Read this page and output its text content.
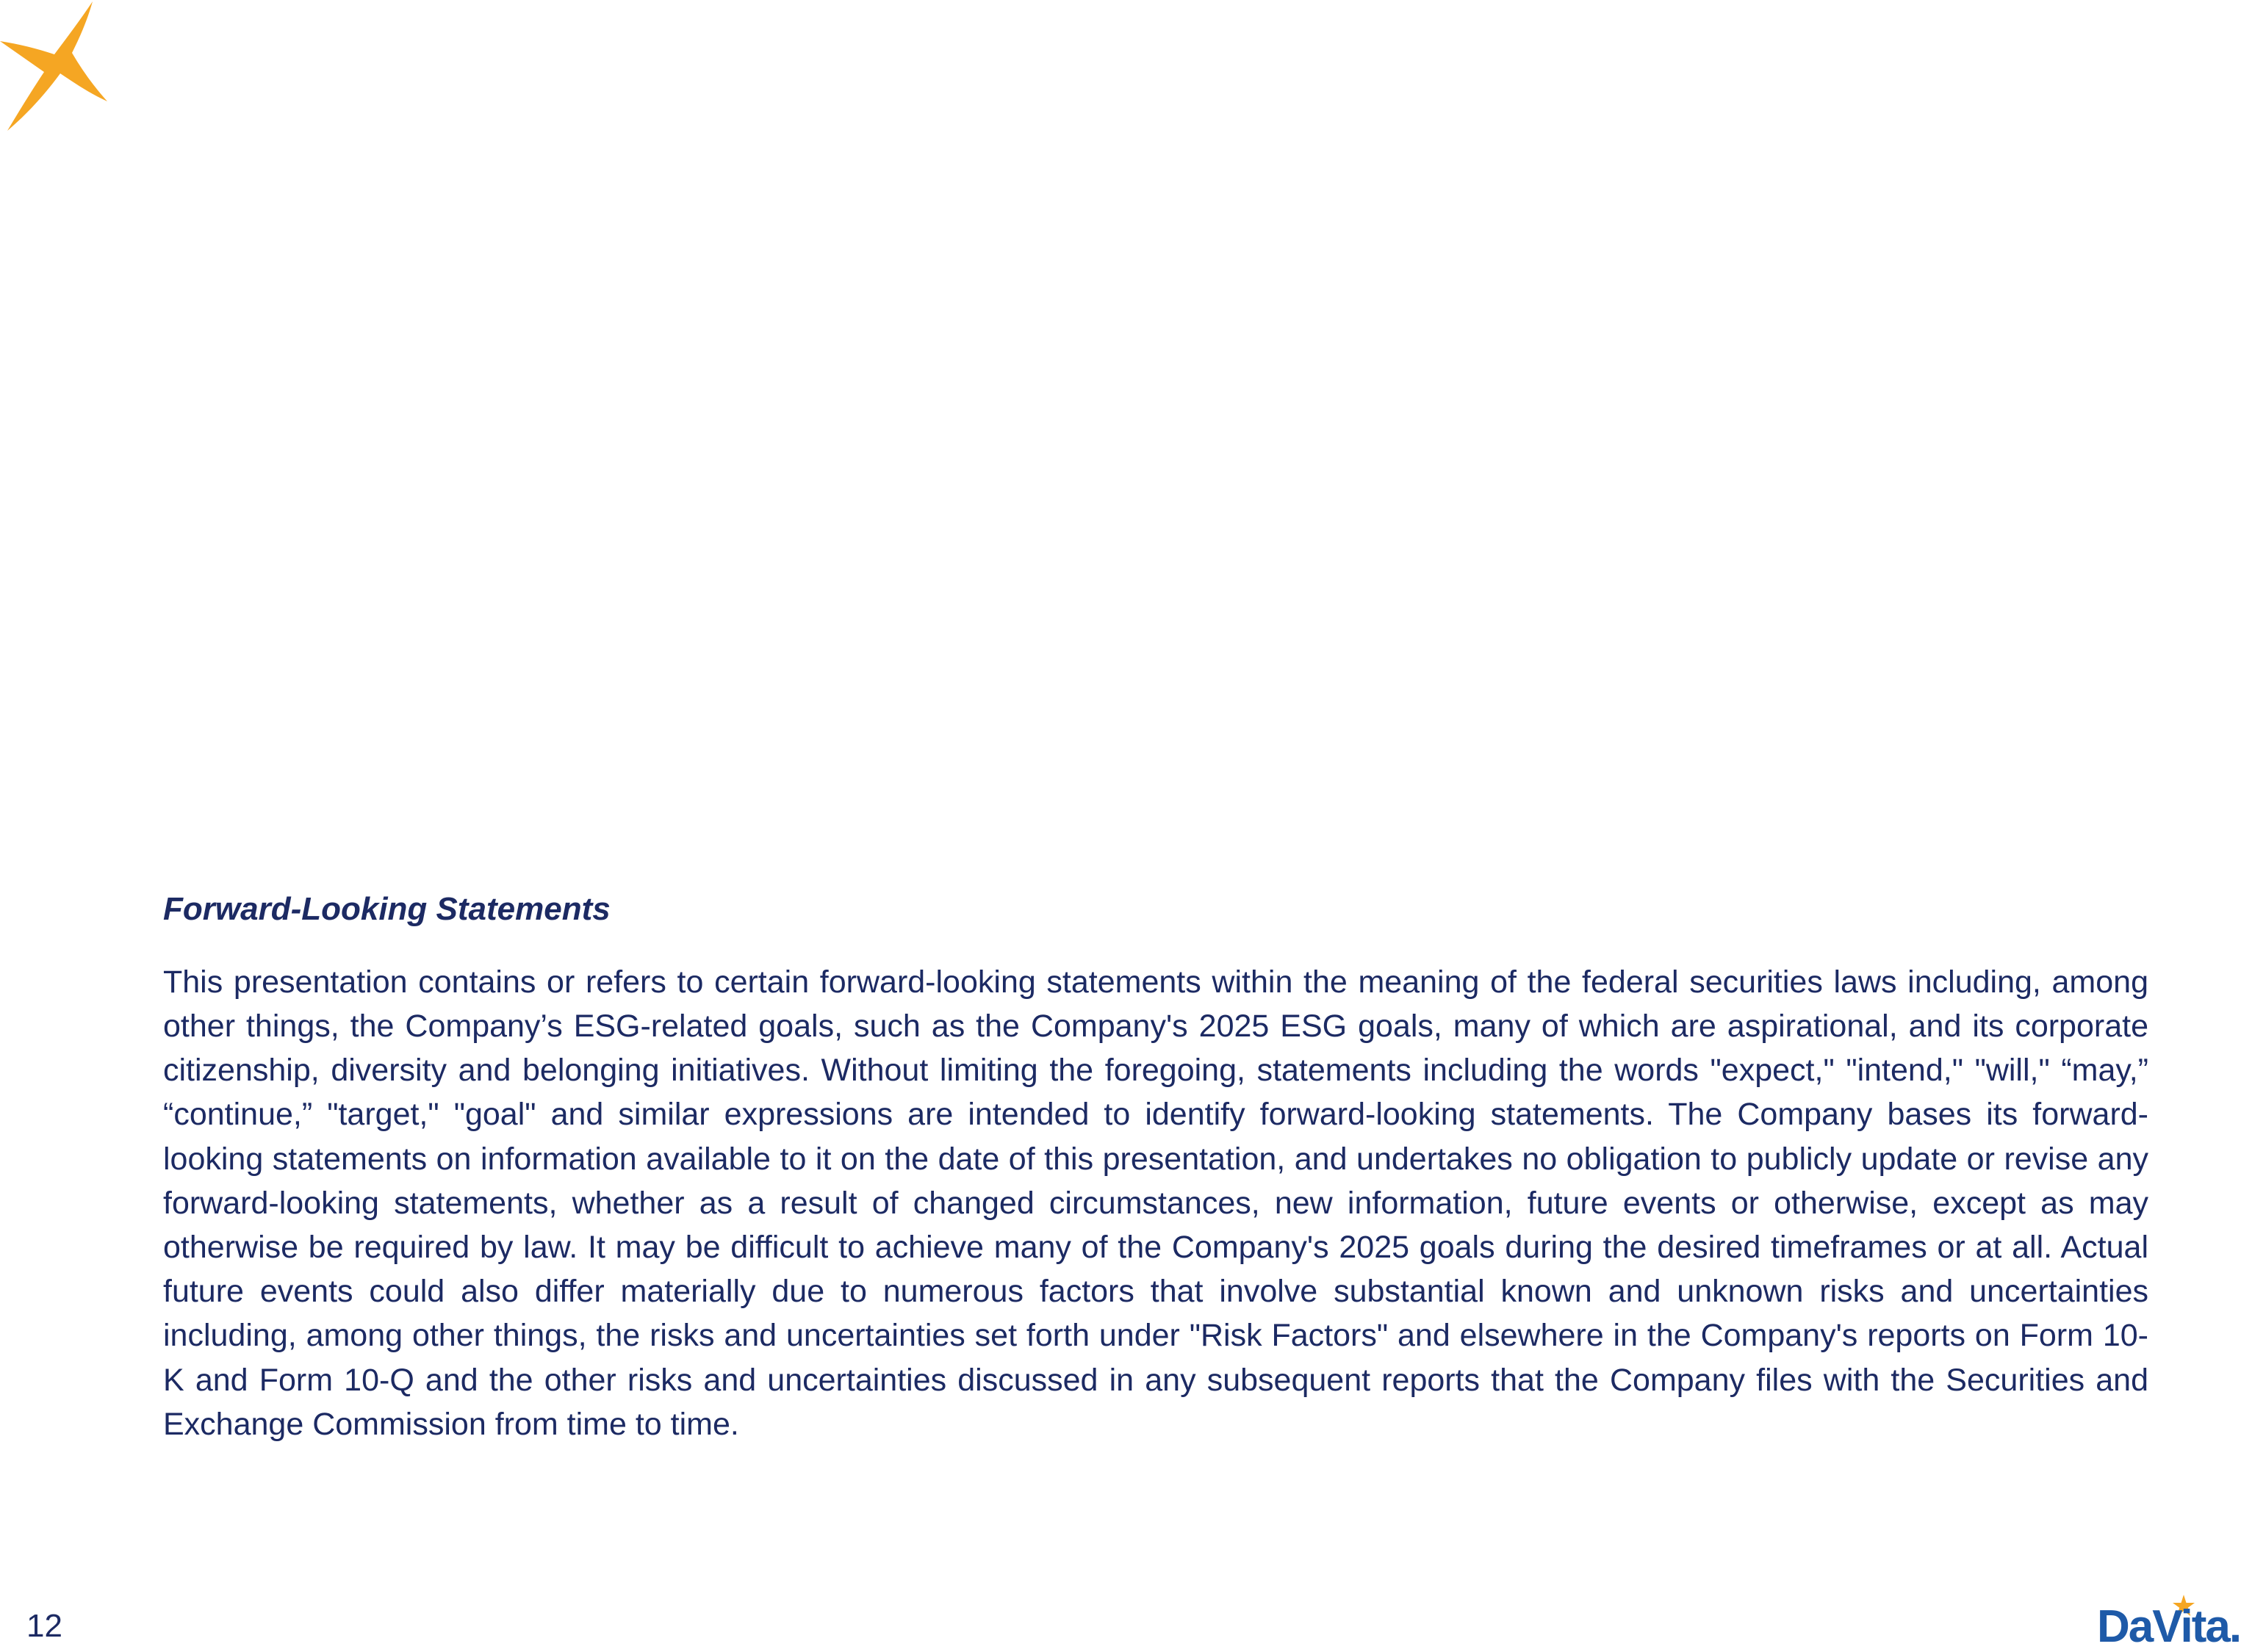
Forward-Looking Statements

This presentation contains or refers to certain forward-looking statements within the meaning of the federal securities laws including, among other things, the Company’s ESG-related goals, such as the Company's 2025 ESG goals, many of which are aspirational, and its corporate citizenship, diversity and belonging initiatives. Without limiting the foregoing, statements including the words "expect," "intend," "will," “may,” “continue,” "target," "goal" and similar expressions are intended to identify forward-looking statements. The Company bases its forward-looking statements on information available to it on the date of this presentation, and undertakes no obligation to publicly update or revise any forward-looking statements, whether as a result of changed circumstances, new information, future events or otherwise, except as may otherwise be required by law. It may be difficult to achieve many of the Company's 2025 goals during the desired timeframes or at all. Actual future events could also differ materially due to numerous factors that involve substantial known and unknown risks and uncertainties including, among other things, the risks and uncertainties set forth under "Risk Factors" and elsewhere in the Company's reports on Form 10-K and Form 10-Q and the other risks and uncertainties discussed in any subsequent reports that the Company files with the Securities and Exchange Commission from time to time.

12	DaVita.
